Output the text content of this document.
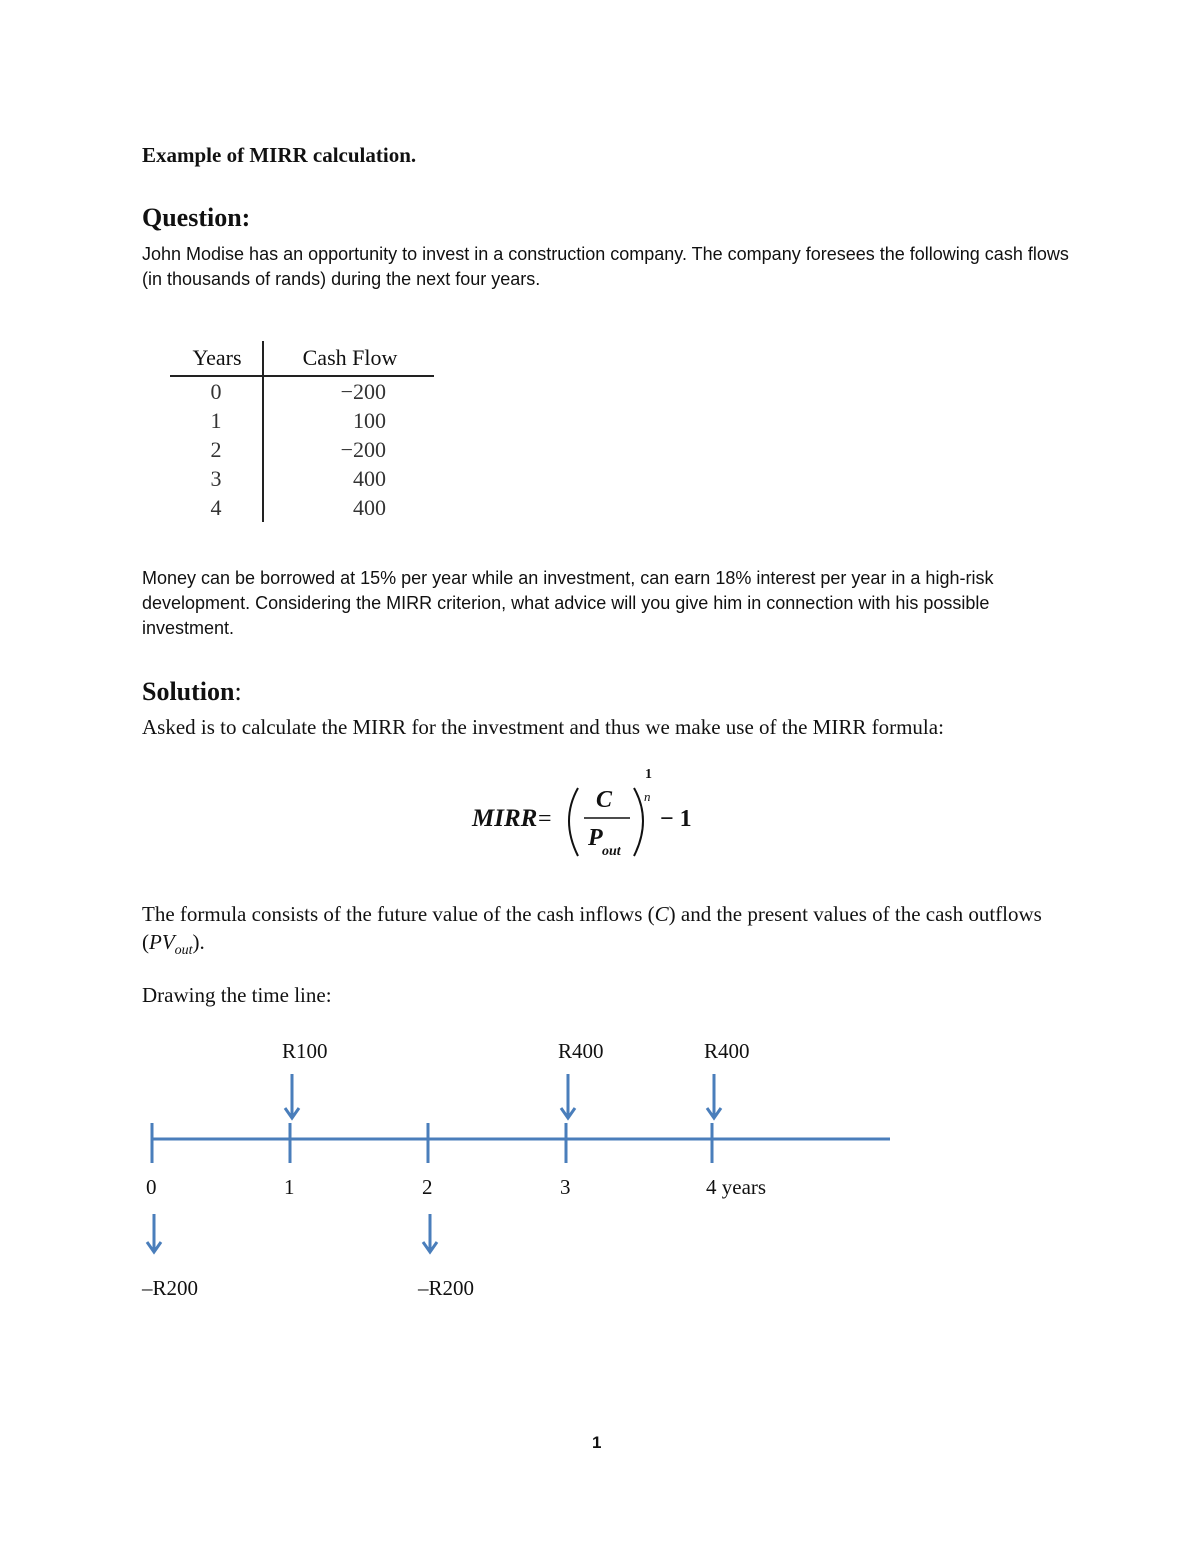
Example of MIRR calculation.
Question:
John Modise has an opportunity to invest in a construction company. The company foresees the following cash flows (in thousands of rands) during the next four years.
Years	Cash Flow
0	−200
1	100
2	−200
3	400
4	400
Money can be borrowed at 15% per year while an investment, can earn 18% interest per year in a high-risk development. Considering the MIRR criterion, what advice will you give him in connection with his possible investment.
Solution:
Asked is to calculate the MIRR for the investment and thus we make use of the MIRR formula:
MIRR =
C
P
out
1
n
− 1
The formula consists of the future value of the cash inflows (C) and the present values of the cash outflows $(PV_{out})$.
Drawing the time line:
0
–R200
1
R100
2
–R200
3
R400
4 years
R400
1
